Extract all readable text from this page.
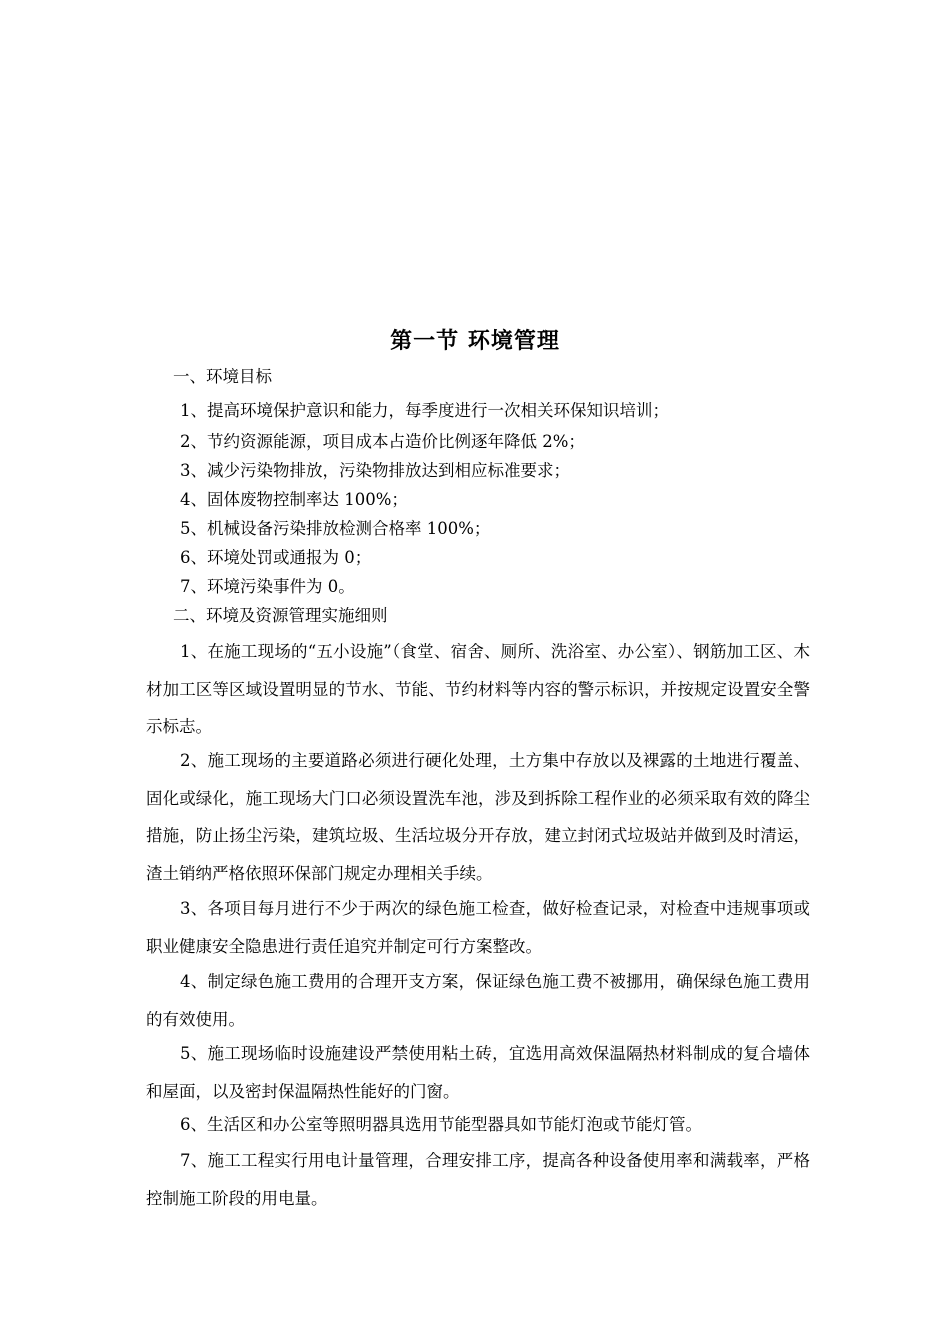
第一节 环境管理
一、环境目标
1、提高环境保护意识和能力，每季度进行一次相关环保知识培训；
2、节约资源能源，项目成本占造价比例逐年降低 2%；
3、减少污染物排放，污染物排放达到相应标准要求；
4、固体废物控制率达 100%；
5、机械设备污染排放检测合格率 100%；
6、环境处罚或通报为 0；
7、环境污染事件为 0。
二、环境及资源管理实施细则
1、在施工现场的“五小设施”（食堂、宿舍、厕所、洗浴室、办公室）、钢筋加工区、木材加工区等区域设置明显的节水、节能、节约材料等内容的警示标识，并按规定设置安全警示标志。
2、施工现场的主要道路必须进行硬化处理，土方集中存放以及裸露的土地进行覆盖、固化或绿化，施工现场大门口必须设置洗车池，涉及到拆除工程作业的必须采取有效的降尘措施，防止扬尘污染，建筑垃圾、生活垃圾分开存放，建立封闭式垃圾站并做到及时清运，渣土销纳严格依照环保部门规定办理相关手续。
3、各项目每月进行不少于两次的绿色施工检查，做好检查记录，对检查中违规事项或职业健康安全隐患进行责任追究并制定可行方案整改。
4、制定绿色施工费用的合理开支方案，保证绿色施工费不被挪用，确保绿色施工费用的有效使用。
5、施工现场临时设施建设严禁使用粘土砖，宜选用高效保温隔热材料制成的复合墙体和屋面，以及密封保温隔热性能好的门窗。
6、生活区和办公室等照明器具选用节能型器具如节能灯泡或节能灯管。
7、施工工程实行用电计量管理，合理安排工序，提高各种设备使用率和满载率，严格控制施工阶段的用电量。
